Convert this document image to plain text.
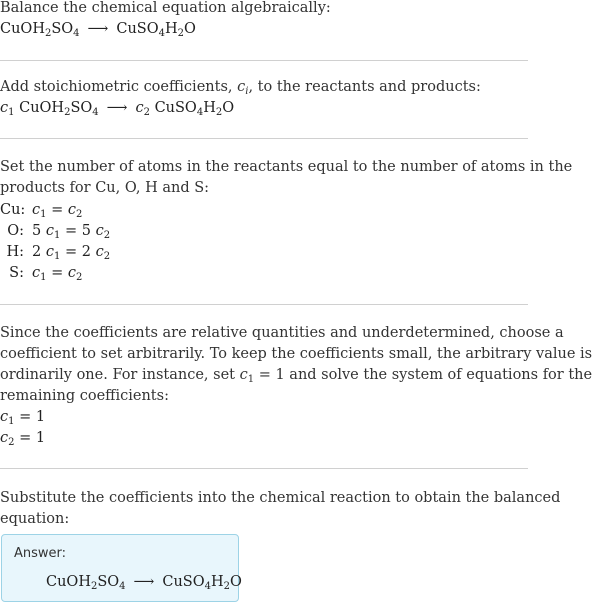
Balance the chemical equation algebraically:
$CuOH_2SO_4$ ⟶ $CuSO_4H_2O$
Add stoichiometric coefficients, $c_i$, to the reactants and products:
$c_1$ $CuOH_2SO_4$ ⟶ $c_2$ $CuSO_4H_2O$
Set the number of atoms in the reactants equal to the number of atoms in the
products for Cu, O, H and S:
Cu: $c_1 = c_2$
O: 5 $c_1 = 5$ $c_2$
H: 2 $c_1 = 2$ $c_2$
S: $c_1 = c_2$
Since the coefficients are relative quantities and underdetermined, choose a
coefficient to set arbitrarily. To keep the coefficients small, the arbitrary value is
ordinarily one. For instance, set $c_1 = 1$ and solve the system of equations for the
remaining coefficients:
$c_1 = 1$
$c_2 = 1$
Substitute the coefficients into the chemical reaction to obtain the balanced
equation:
Answer:
$CuOH_2SO_4$ ⟶ $CuSO_4H_2O$
